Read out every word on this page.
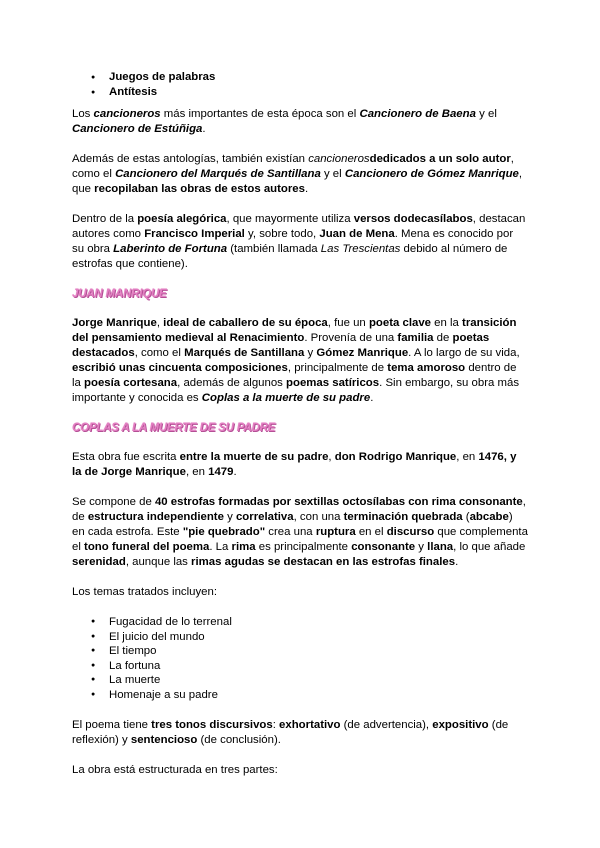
● Juegos de palabras
● Antítesis

Los cancioneros más importantes de esta época son el Cancionero de Baena y el Cancionero de Estúñiga.

Además de estas antologías, también existían cancionerosdedicados a un solo autor, como el Cancionero del Marqués de Santillana y el Cancionero de Gómez Manrique, que recopilaban las obras de estos autores.

Dentro de la poesía alegórica, que mayormente utiliza versos dodecasílabos, destacan autores como Francisco Imperial y, sobre todo, Juan de Mena. Mena es conocido por su obra Laberinto de Fortuna (también llamada Las Trescientas debido al número de estrofas que contiene).

JUAN MANRIQUE

Jorge Manrique, ideal de caballero de su época, fue un poeta clave en la transición del pensamiento medieval al Renacimiento. Provenía de una familia de poetas destacados, como el Marqués de Santillana y Gómez Manrique. A lo largo de su vida, escribió unas cincuenta composiciones, principalmente de tema amoroso dentro de la poesía cortesana, además de algunos poemas satíricos. Sin embargo, su obra más importante y conocida es Coplas a la muerte de su padre.

COPLAS A LA MUERTE DE SU PADRE

Esta obra fue escrita entre la muerte de su padre, don Rodrigo Manrique, en 1476, y la de Jorge Manrique, en 1479.

Se compone de 40 estrofas formadas por sextillas octosílabas con rima consonante, de estructura independiente y correlativa, con una terminación quebrada (abcabe) en cada estrofa. Este "pie quebrado" crea una ruptura en el discurso que complementa el tono funeral del poema. La rima es principalmente consonante y llana, lo que añade serenidad, aunque las rimas agudas se destacan en las estrofas finales.

Los temas tratados incluyen:

● Fugacidad de lo terrenal
● El juicio del mundo
● El tiempo
● La fortuna
● La muerte
● Homenaje a su padre

El poema tiene tres tonos discursivos: exhortativo (de advertencia), expositivo (de reflexión) y sentencioso (de conclusión).

La obra está estructurada en tres partes:
